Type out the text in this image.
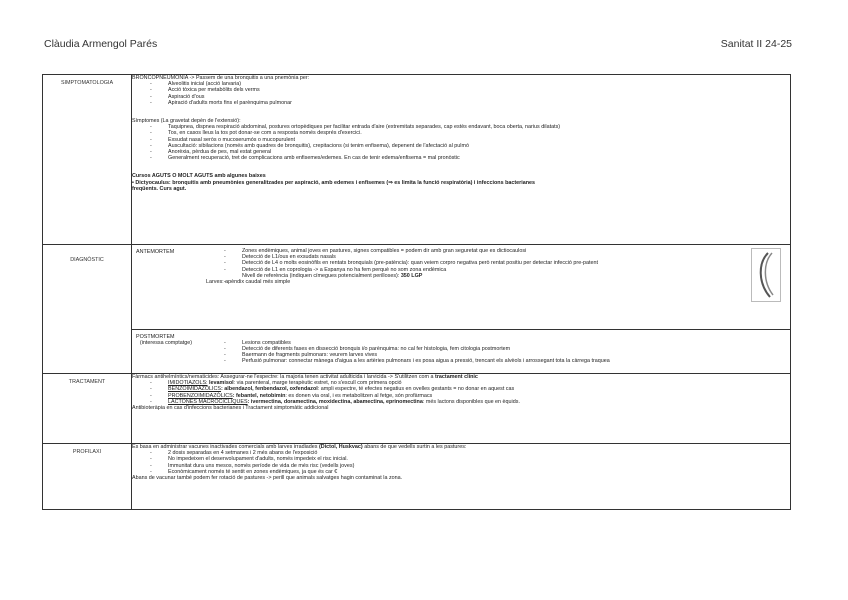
Clàudia Armengol Parés	Sanitat II 24-25
SIMPTOMATOLOGIA	
BRONCOPNEUMONÍA -> Passem de una bronquitis a una pnemònia per:
- Alveolitis inicial (acció larvaria)
- Acció tòxica per metabòlits dels verms
- Aspiració d'ous
- Apiració d'adults morts fins el parènquima pulmonar
Símptomes (La gravetat depèn de l'extensió):
- Taquipnea, dispnea respiració abdominal, postures ortopèdiques per facilitar entrada d'aire (extremitats separades, cap estès endavant, boca oberta, narius dilatats)
- Tos, en casos lleus la tos pot donar-se com a resposta només després d'exercici.
- Exsudat nasal seròs o mucoserumós o mucopurulent
- Auscultació: sibilacions (només amb quadres de bronquitis), crepitacions (si tenim enfisema), depenent de l'afectació al pulmó
- Anorèxia, pèrdua de pes, mal estat general
- Generalment recuperació, tret de complicacions amb enfisemes/edemes. En cas de tenir edema/enfisema = mal pronòstic
Cursos AGUTS O MOLT AGUTS amb algunes baixes
• Dictyocaulus: bronquitis amb pneumònies generalitzades per aspiració, amb edemes i enfisemes (⇒ es limita la funció respiratòria) i infeccions bacterianes freqüents. Curs agut.

DIAGNÒSTIC	
ANTEMORTEM	
-Zones endèmiques, animal joves en pastures, signes compatibles = podem dir amb gran seguretat que es dictiocaulosi
- Detecció de L1/ous en exsudats nasals
- Detecció de L4 o molts eosinòfils en rentats bronquials (pre-patència): quan veiem corpro negativa però rentat positiu per detectar infecció pre-patent
- Detecció de L1 en coprologia -> a Espanya no ha fem perquè no som zona endèmica
Nivell de referència (indiquen címegues potencialment perilloses): 350 LGP
Larves: apèndix caudal més simple

POSTMORTEM
(interessa comptatge)

-Lesions compatibles
- Detecció de diferents fases en dissecció bronquis i/o parènquima: no cal fer histologia, fem citologia postmortem
- Baermann de fragments pulmonars: veurem larves vives
- Perfusió pulmonar: connectar mànega d'aigua a les artèries pulmonars i es posa aigua a pressió, trencant els alvèols i arrossegant tota la càrrega traquea

TRACTAMENT	
Fàrmacs antihelmíntics/nematicides: Assegurar-ne l'espectre: la majoria tenen activitat adulticida i larvicida -> S'utilitzen com a tractament clínic
- IMIDOTIAZOLS: levamisol: via parenteral, marge terapèutic estret, no s'escull com primera opció
- BENZOIMIDAZÒLICS: albendazol, fenbendazol, oxfendazol: ampli espectre, té efectes negatius en ovelles gestants = no donar en aquest cas
- PROBENZOIMIDAZÒLICS: febantel, netobimin: es donen via oral, i es metabolitzen al fetge, són profàrmacs
- LACTONES MACROCÍCLIQUES: ivermectina, doramectina, moxidectina, abamectina, eprinomectina: més lactons disponibles que en èquids.
Antibioteràpia en cas d'infeccions bacterianes i Tractament simptomàtic addicional

PROFILAXI	
Es basa en administrar vacunes inactivades comercials amb larves irradiades (Dictol, Huskvac) abans de que vedells surtin a les pastures:
- 2 dosis separadas en 4 setmanes i 2 més abans de l'exposició
- No impedeixen el desenvolupament d'adults, només impedeix el risc inicial.
- Immunitat dura uns mesos, només període de vida de més risc (vedells joves)
- Econòmicament només té sentit en zones endèmiques, ja que és car €
Abans de vacunar també podem fer rotació de pastures -> perill que animals salvatges hagin contaminat la zona.
